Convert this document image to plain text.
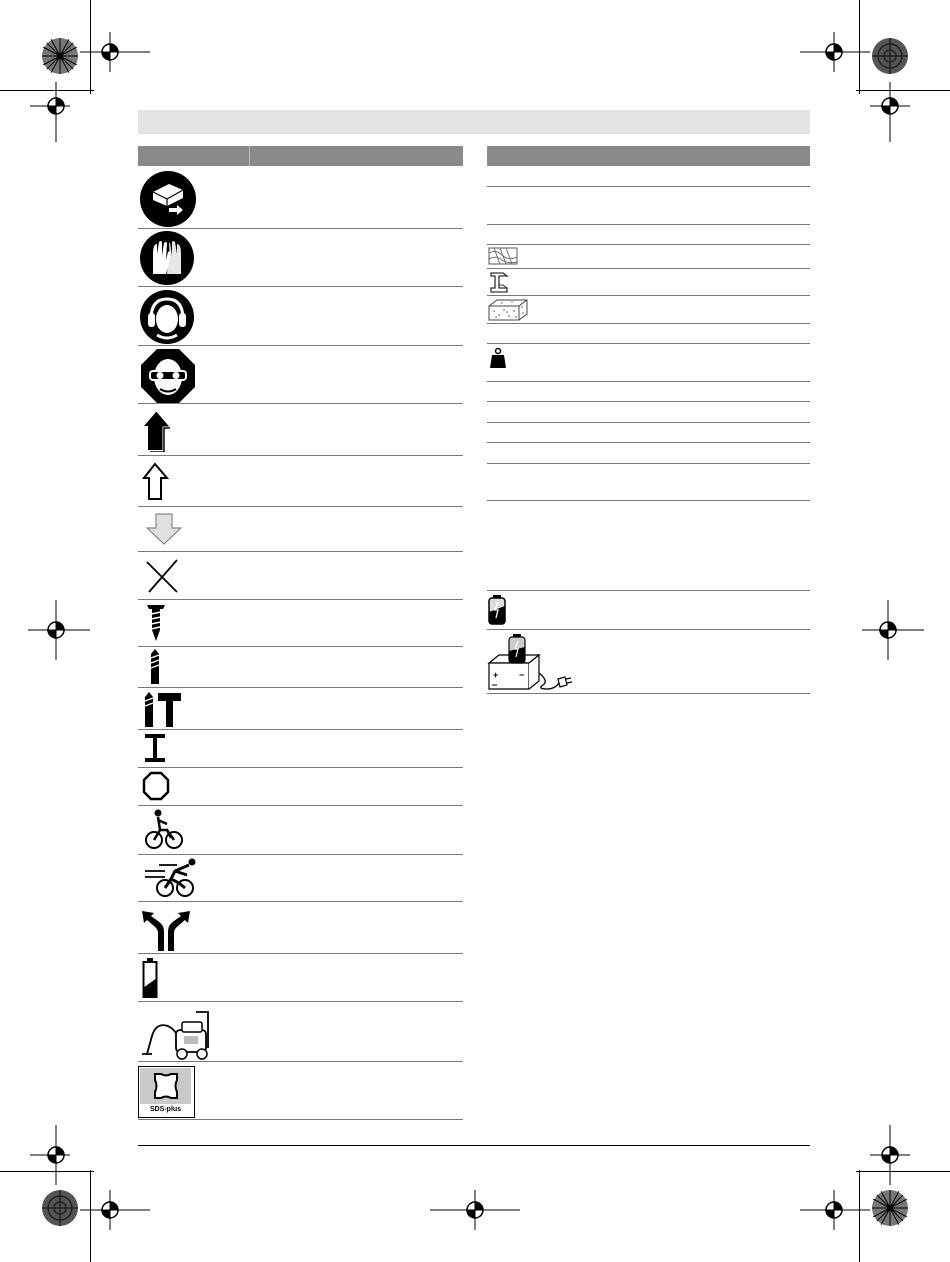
SDS-plus
+ −
